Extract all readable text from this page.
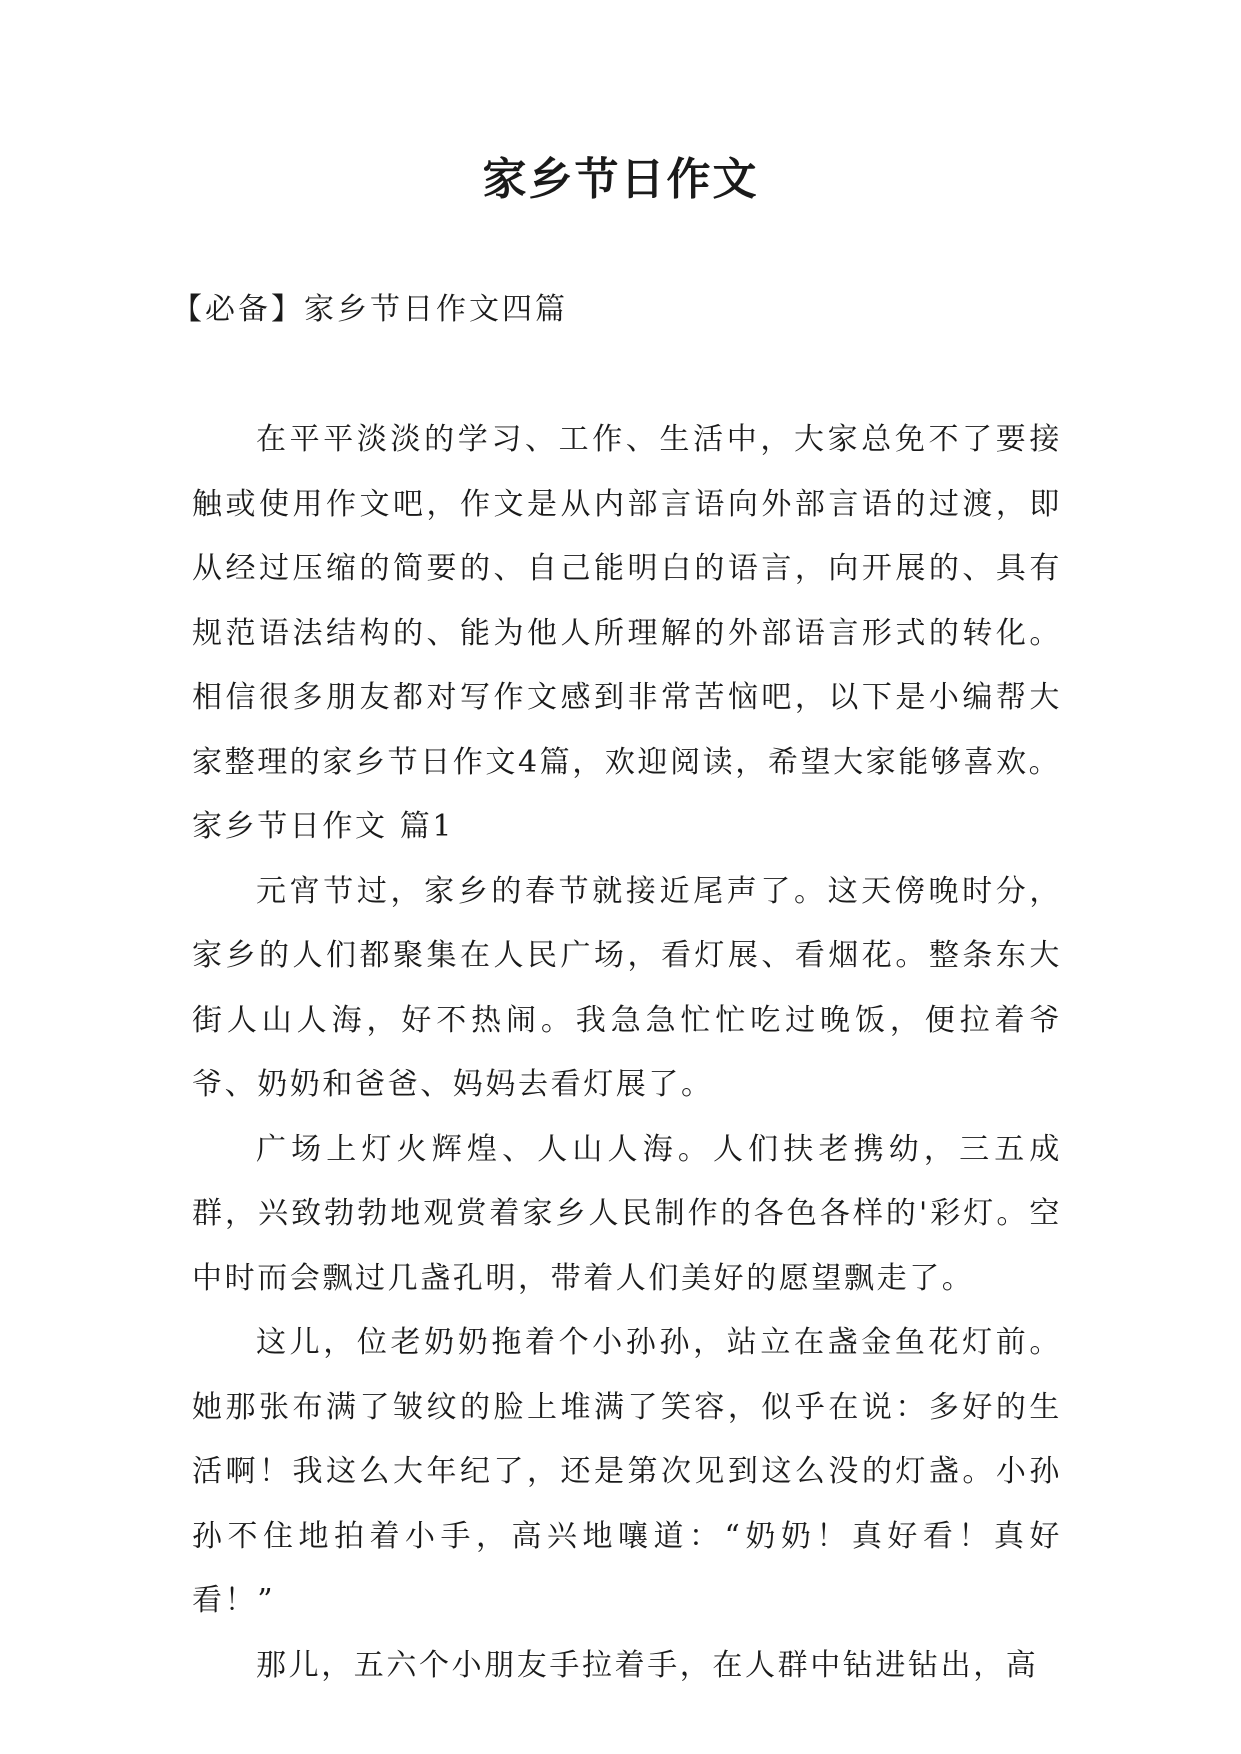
家乡节日作文
【必备】家乡节日作文四篇

在平平淡淡的学习、工作、生活中，大家总免不了要接触或使用作文吧，作文是从内部言语向外部言语的过渡，即从经过压缩的简要的、自己能明白的语言，向开展的、具有规范语法结构的、能为他人所理解的外部语言形式的转化。相信很多朋友都对写作文感到非常苦恼吧，以下是小编帮大家整理的家乡节日作文4篇，欢迎阅读，希望大家能够喜欢。

家乡节日作文 篇1

元宵节过，家乡的春节就接近尾声了。这天傍晚时分，家乡的人们都聚集在人民广场，看灯展、看烟花。整条东大街人山人海，好不热闹。我急急忙忙吃过晚饭，便拉着爷爷、奶奶和爸爸、妈妈去看灯展了。

广场上灯火辉煌、人山人海。人们扶老携幼，三五成群，兴致勃勃地观赏着家乡人民制作的各色各样的'彩灯。空中时而会飘过几盏孔明，带着人们美好的愿望飘走了。

这儿，位老奶奶拖着个小孙孙，站立在盏金鱼花灯前。她那张布满了皱纹的脸上堆满了笑容，似乎在说：多好的生活啊！我这么大年纪了，还是第次见到这么没的灯盏。小孙孙不住地拍着小手，高兴地嚷道：“奶奶！真好看！真好看！”

那儿，五六个小朋友手拉着手，在人群中钻进钻出，高
